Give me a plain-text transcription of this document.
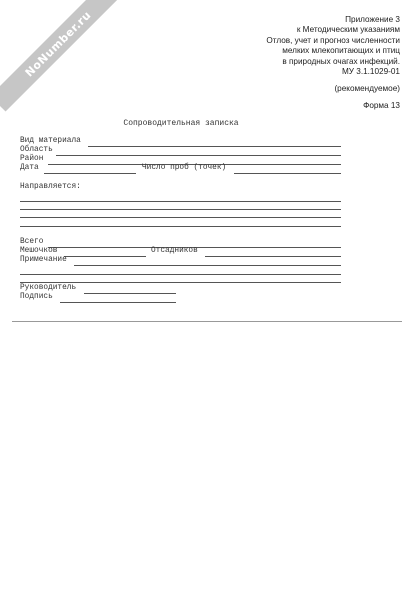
NoNumber.ru	Приложение 3
к Методическим указаниям
Отлов, учет и прогноз численности
мелких млекопитающих и птиц
в природных очагах инфекций.
МУ 3.1.1029-01
(рекомендуемое)
Форма 13
Сопроводительная записка
Вид материала
Область
Район
Дата	Число проб (точек)
Направляется:
Всего
Мешочков	Отсадников
Примечание
Руководитель
Подпись
